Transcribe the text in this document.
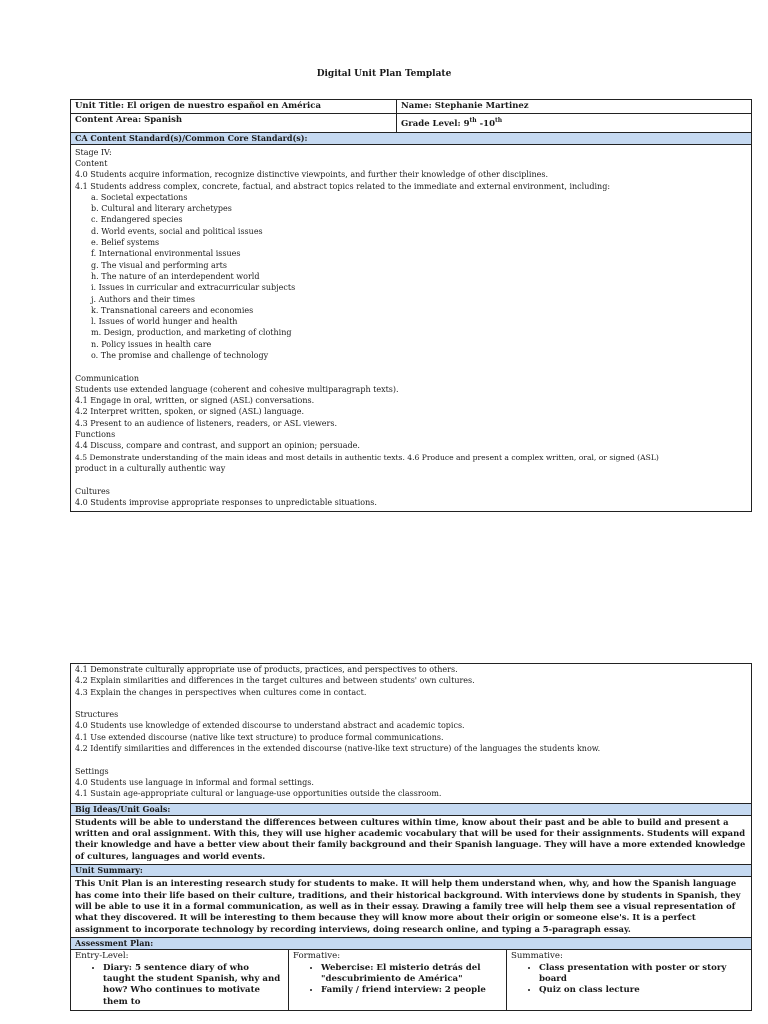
Digital Unit Plan Template
Unit Title: El origen de nuestro español en América	Name: Stephanie Martinez
Content Area: Spanish	Grade Level: 9th -10th
CA Content Standard(s)/Common Core Standard(s):

Stage IV:

Content

4.0 Students acquire information, recognize distinctive viewpoints, and further their knowledge of other disciplines.

4.1 Students address complex, concrete, factual, and abstract topics related to the immediate and external environment, including:

a. Societal expectations

b. Cultural and literary archetypes

c. Endangered species

d. World events, social and political issues

e. Belief systems

f. International environmental issues

g. The visual and performing arts

h. The nature of an interdependent world

i. Issues in curricular and extracurricular subjects

j. Authors and their times

k. Transnational careers and economies

l. Issues of world hunger and health

m. Design, production, and marketing of clothing

n. Policy issues in health care

o. The promise and challenge of technology

Communication

Students use extended language (coherent and cohesive multiparagraph texts).

4.1 Engage in oral, written, or signed (ASL) conversations.

4.2 Interpret written, spoken, or signed (ASL) language.

4.3 Present to an audience of listeners, readers, or ASL viewers.

Functions

4.4 Discuss, compare and contrast, and support an opinion; persuade.

4.5 Demonstrate understanding of the main ideas and most details in authentic texts. 4.6 Produce and present a complex written, oral, or signed (ASL)

product in a culturally authentic way

Cultures

4.0 Students improvise appropriate responses to unpredictable situations.

4.1 Demonstrate culturally appropriate use of products, practices, and perspectives to others.

4.2 Explain similarities and differences in the target cultures and between students' own cultures.

4.3 Explain the changes in perspectives when cultures come in contact.

Structures

4.0 Students use knowledge of extended discourse to understand abstract and academic topics.

4.1 Use extended discourse (native like text structure) to produce formal communications.

4.2 Identify similarities and differences in the extended discourse (native-like text structure) of the languages the students know.

Settings

4.0 Students use language in informal and formal settings.

4.1 Sustain age-appropriate cultural or language-use opportunities outside the classroom.

Big Ideas/Unit Goals:
Students will be able to understand the differences between cultures within time, know about their past and be able to build and present a written and oral assignment. With this, they will use higher academic vocabulary that will be used for their assignments. Students will expand their knowledge and have a better view about their family background and their Spanish language. They will have a more extended knowledge of cultures, languages and world events.
Unit Summary:
This Unit Plan is an interesting research study for students to make. It will help them understand when, why, and how the Spanish language has come into their life based on their culture, traditions, and their historical background. With interviews done by students in Spanish, they will be able to use it in a formal communication, as well as in their essay. Drawing a family tree will help them see a visual representation of what they discovered. It will be interesting to them because they will know more about their origin or someone else's. It is a perfect assignment to incorporate technology by recording interviews, doing research online, and typing a 5-paragraph essay.
Assessment Plan:
Entry-Level:
• Diary: 5 sentence diary of who taught the student Spanish, why and how? Who continues to motivate them to
Formative:
• Webercise: El misterio detrás del "descubrimiento de América"
• Family / friend interview: 2 people
Summative:
• Class presentation with poster or story board
• Quiz on class lecture
